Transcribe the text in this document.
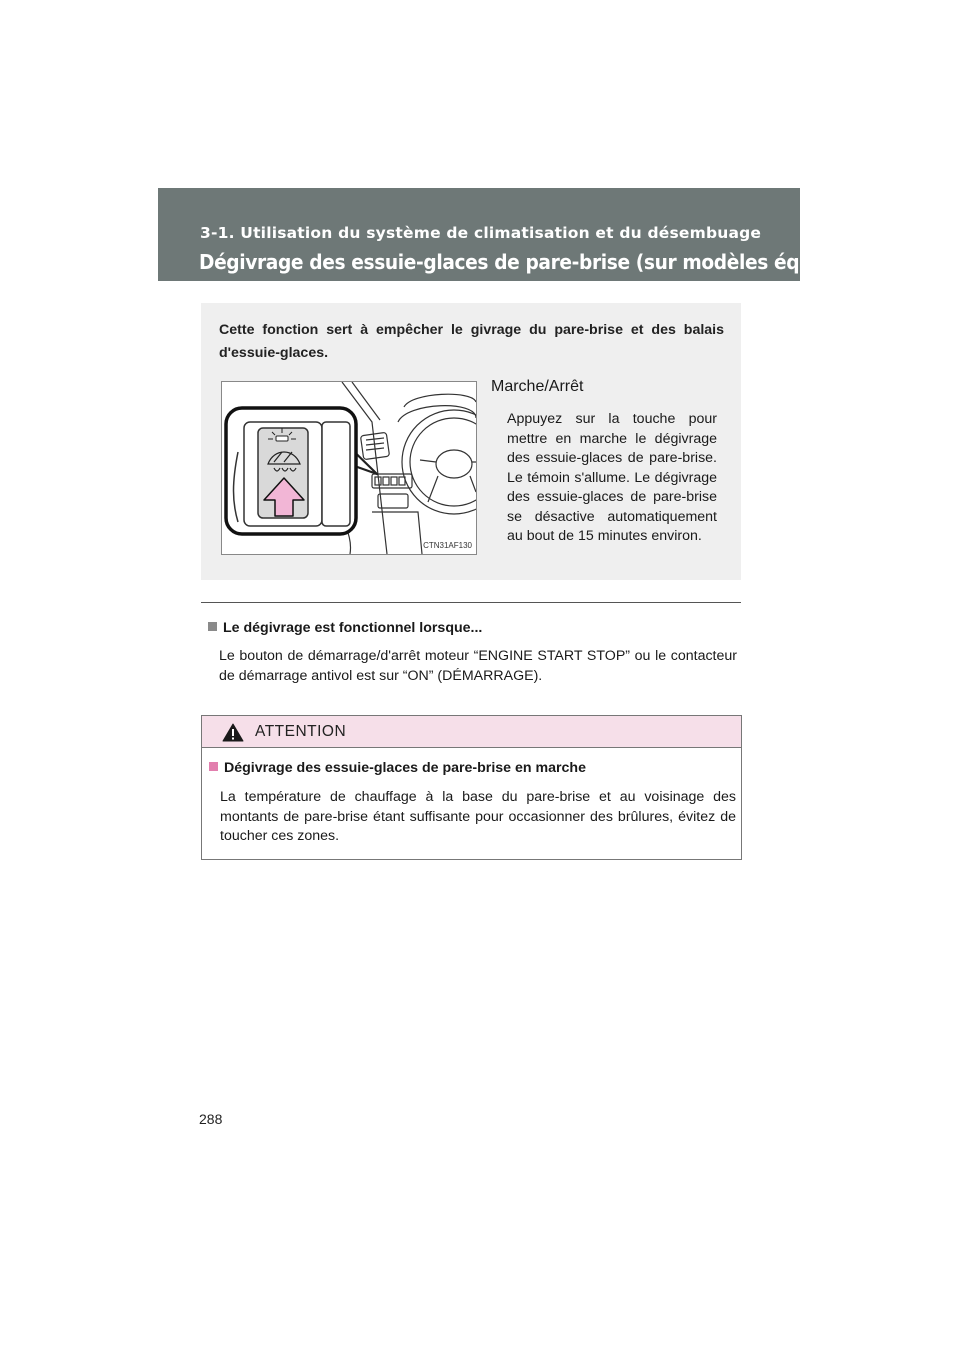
3-1. Utilisation du système de climatisation et du désembuage
Dégivrage des essuie-glaces de pare-brise (sur modèles équipés)
Cette fonction sert à empêcher le givrage du pare-brise et des balais d'essuie-glaces.
CTN31AF130
Marche/Arrêt
Appuyez sur la touche pour mettre en marche le dégivrage des essuie-glaces de pare-brise. Le témoin s'allume. Le dégivrage des essuie-glaces de pare-brise se désactive automatiquement au bout de 15 minutes environ.
Le dégivrage est fonctionnel lorsque...
Le bouton de démarrage/d'arrêt moteur “ENGINE START STOP” ou le contacteur de démarrage antivol est sur “ON” (DÉMARRAGE).
ATTENTION
Dégivrage des essuie-glaces de pare-brise en marche
La température de chauffage à la base du pare-brise et au voisinage des montants de pare-brise étant suffisante pour occasionner des brûlures, évitez de toucher ces zones.
288
